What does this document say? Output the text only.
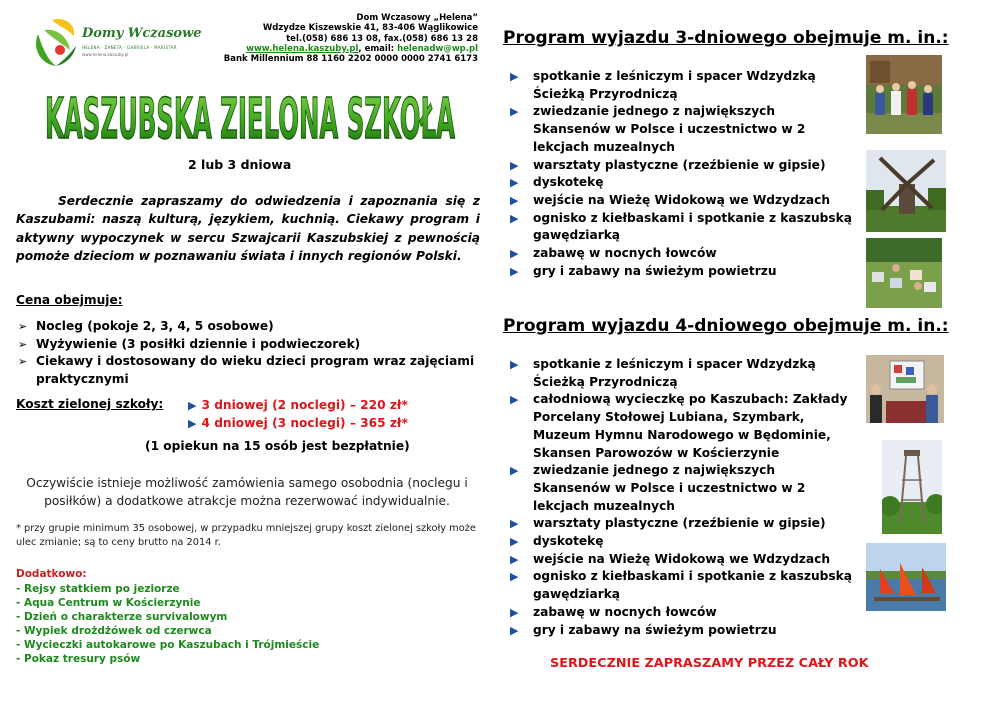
Domy Wczasowe
HELENA · ŻANETA · GABRIELA · MARISTAR
www.helena.kaszuby.pl
Dom Wczasowy „Helena”
Wdzydze Kiszewskie 41, 83-406 Wąglikowice
tel.(058) 686 13 08, fax.(058) 686 13 28
www.helena.kaszuby.pl, email: helenadw@wp.pl
Bank Millennium 88 1160 2202 0000 0000 2741 6173
KASZUBSKA ZIELONA SZKOŁA
2 lub 3 dniowa
Serdecznie zapraszamy do odwiedzenia i zapoznania się z Kaszubami: naszą kulturą, językiem, kuchnią. Ciekawy program i aktywny wypoczynek w sercu Szwajcarii Kaszubskiej z pewnością pomoże dzieciom w poznawaniu świata i innych regionów Polski.
Cena obejmuje:
➢ Nocleg (pokoje 2, 3, 4, 5 osobowe)
➢ Wyżywienie (3 posiłki dziennie i podwieczorek)
➢ Ciekawy i dostosowany do wieku dzieci program wraz zajęciami praktycznymi
Koszt zielonej szkoły: ▶ 3 dniowej (2 noclegi) – 220 zł*
▶ 4 dniowej (3 noclegi) – 365 zł*
(1 opiekun na 15 osób jest bezpłatnie)
Oczywiście istnieje możliwość zamówienia samego osobodnia (noclegu i posiłków) a dodatkowe atrakcje można rezerwować indywidualnie.
* przy grupie minimum 35 osobowej, w przypadku mniejszej grupy koszt zielonej szkoły może ulec zmianie; są to ceny brutto na 2014 r.
Dodatkowo:
- Rejsy statkiem po jeziorze
- Aqua Centrum w Kościerzynie
- Dzień o charakterze survivalowym
- Wypiek drożdżówek od czerwca
- Wycieczki autokarowe po Kaszubach i Trójmieście
- Pokaz tresury psów
Program wyjazdu 3-dniowego obejmuje m. in.:
▶ spotkanie z leśniczym i spacer Wdzydzką Ścieżką Przyrodniczą
▶ zwiedzanie jednego z największych Skansenów w Polsce i uczestnictwo w 2 lekcjach muzealnych
▶ warsztaty plastyczne (rzeźbienie w gipsie)
▶ dyskotekę
▶ wejście na Wieżę Widokową we Wdzydzach
▶ ognisko z kiełbaskami i spotkanie z kaszubską gawędziarką
▶ zabawę w nocnych łowców
▶ gry i zabawy na świeżym powietrzu
Program wyjazdu 4-dniowego obejmuje m. in.:
▶ spotkanie z leśniczym i spacer Wdzydzką Ścieżką Przyrodniczą
▶ całodniową wycieczkę po Kaszubach: Zakłady Porcelany Stołowej Lubiana, Szymbark, Muzeum Hymnu Narodowego w Będominie, Skansen Parowozów w Kościerzynie
▶ zwiedzanie jednego z największych Skansenów w Polsce i uczestnictwo w 2 lekcjach muzealnych
▶ warsztaty plastyczne (rzeźbienie w gipsie)
▶ dyskotekę
▶ wejście na Wieżę Widokową we Wdzydzach
▶ ognisko z kiełbaskami i spotkanie z kaszubską gawędziarką
▶ zabawę w nocnych łowców
▶ gry i zabawy na świeżym powietrzu
SERDECZNIE ZAPRASZAMY PRZEZ CAŁY ROK
